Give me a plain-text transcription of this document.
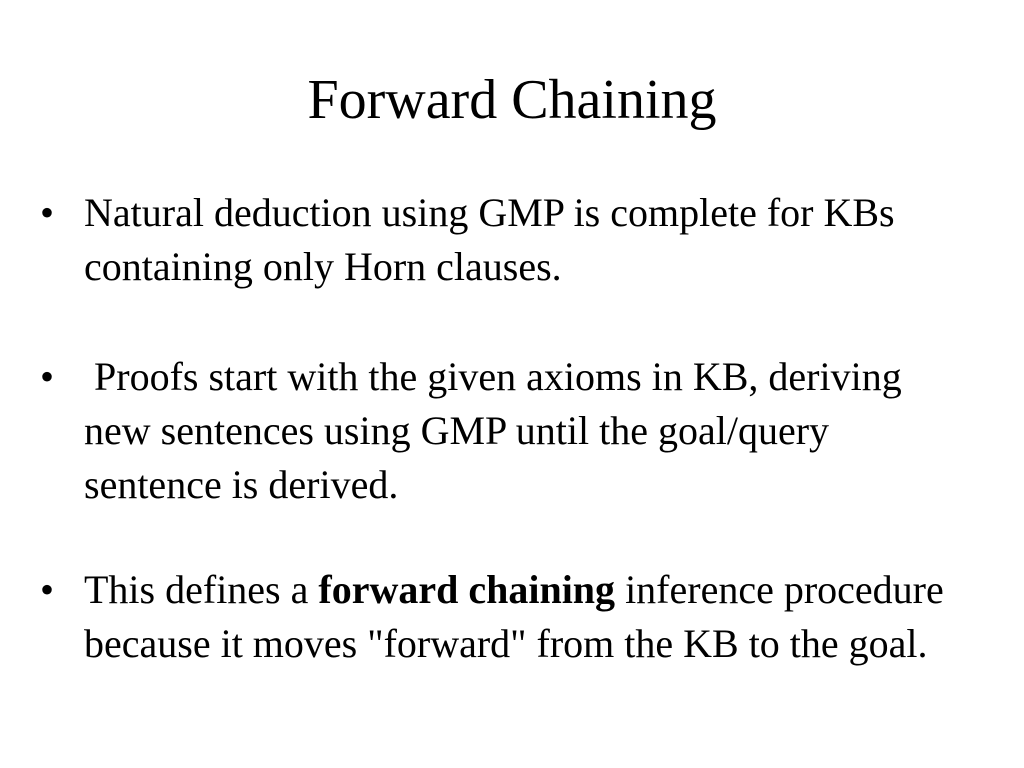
Forward Chaining
• Natural deduction using GMP is complete for KBs containing only Horn clauses.
• Proofs start with the given axioms in KB, deriving new sentences using GMP until the goal/query sentence is derived.
• This defines a forward chaining inference procedure because it moves "forward" from the KB to the goal.
